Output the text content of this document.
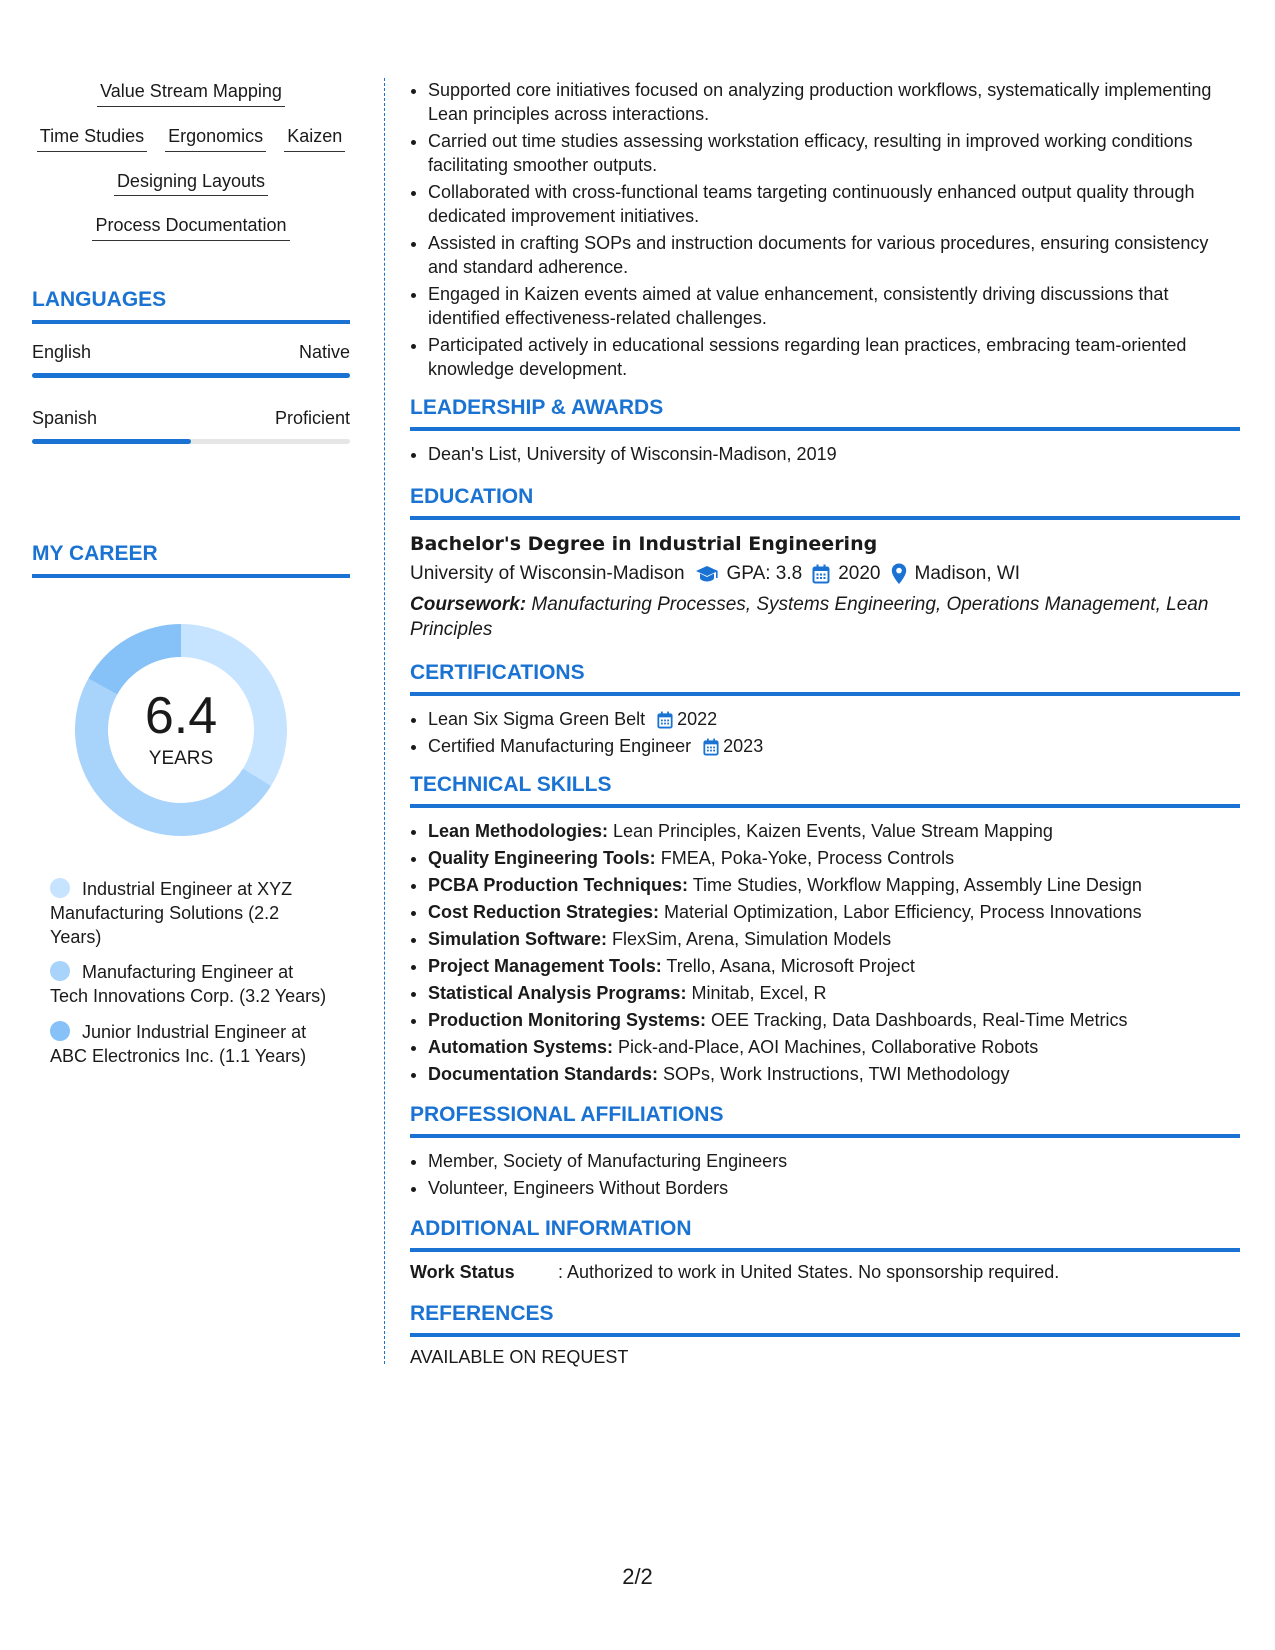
Value Stream Mapping
Time Studies Ergonomics Kaizen
Designing Layouts
Process Documentation
LANGUAGES
English	Native
Spanish	Proficient
MY CAREER
6.4
YEARS
Industrial Engineer at XYZ Manufacturing Solutions (2.2 Years)
Manufacturing Engineer at Tech Innovations Corp. (3.2 Years)
Junior Industrial Engineer at ABC Electronics Inc. (1.1 Years)
• Supported core initiatives focused on analyzing production workflows, systematically implementing Lean principles across interactions.
• Carried out time studies assessing workstation efficacy, resulting in improved working conditions facilitating smoother outputs.
• Collaborated with cross-functional teams targeting continuously enhanced output quality through dedicated improvement initiatives.
• Assisted in crafting SOPs and instruction documents for various procedures, ensuring consistency and standard adherence.
• Engaged in Kaizen events aimed at value enhancement, consistently driving discussions that identified effectiveness-related challenges.
• Participated actively in educational sessions regarding lean practices, embracing team-oriented knowledge development.
LEADERSHIP & AWARDS
• Dean's List, University of Wisconsin-Madison, 2019
EDUCATION
Bachelor's Degree in Industrial Engineering
University of Wisconsin-Madison GPA: 3.8 2020 Madison, WI
Coursework: Manufacturing Processes, Systems Engineering, Operations Management, Lean Principles
CERTIFICATIONS
• Lean Six Sigma Green Belt 2022
• Certified Manufacturing Engineer 2023
TECHNICAL SKILLS
• Lean Methodologies: Lean Principles, Kaizen Events, Value Stream Mapping
• Quality Engineering Tools: FMEA, Poka-Yoke, Process Controls
• PCBA Production Techniques: Time Studies, Workflow Mapping, Assembly Line Design
• Cost Reduction Strategies: Material Optimization, Labor Efficiency, Process Innovations
• Simulation Software: FlexSim, Arena, Simulation Models
• Project Management Tools: Trello, Asana, Microsoft Project
• Statistical Analysis Programs: Minitab, Excel, R
• Production Monitoring Systems: OEE Tracking, Data Dashboards, Real-Time Metrics
• Automation Systems: Pick-and-Place, AOI Machines, Collaborative Robots
• Documentation Standards: SOPs, Work Instructions, TWI Methodology
PROFESSIONAL AFFILIATIONS
• Member, Society of Manufacturing Engineers
• Volunteer, Engineers Without Borders
ADDITIONAL INFORMATION
Work Status	: Authorized to work in United States. No sponsorship required.
REFERENCES
AVAILABLE ON REQUEST
2/2
